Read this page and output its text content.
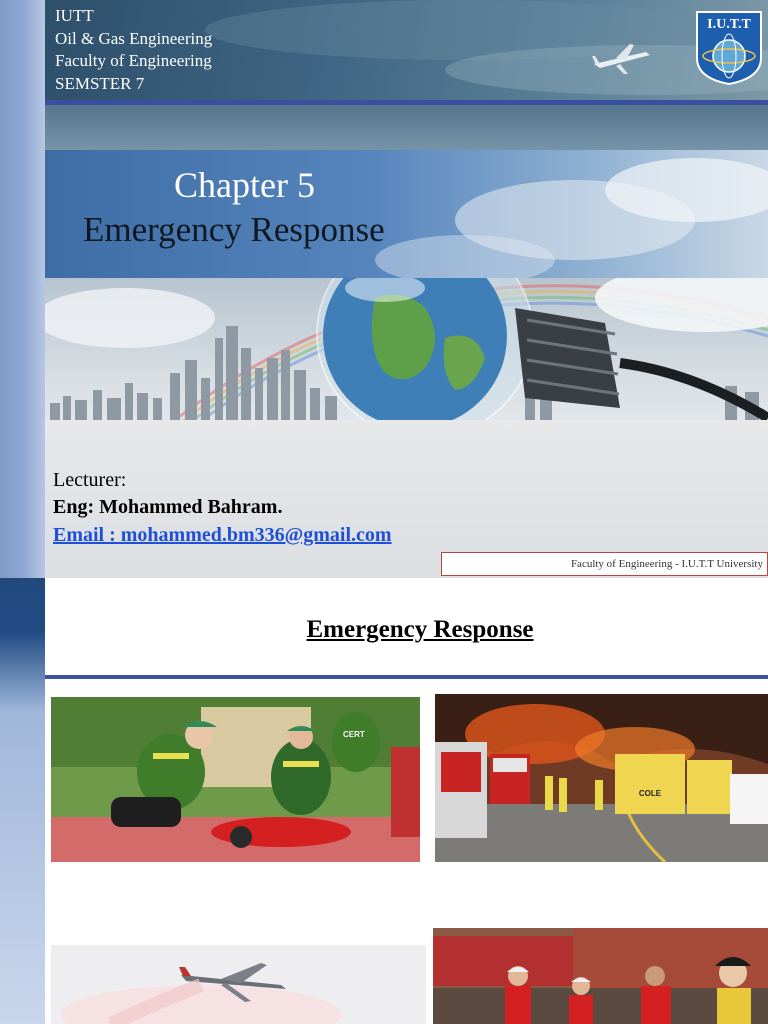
IUTT
Oil & Gas Engineering
Faculty of Engineering
SEMSTER 7
I.U.T.T
Chapter 5
Emergency Response
Lecturer:
Eng: Mohammed Bahram.
Email : mohammed.bm336@gmail.com
Faculty of Engineering - I.U.T.T University
Emergency Response
CERT
COLE
